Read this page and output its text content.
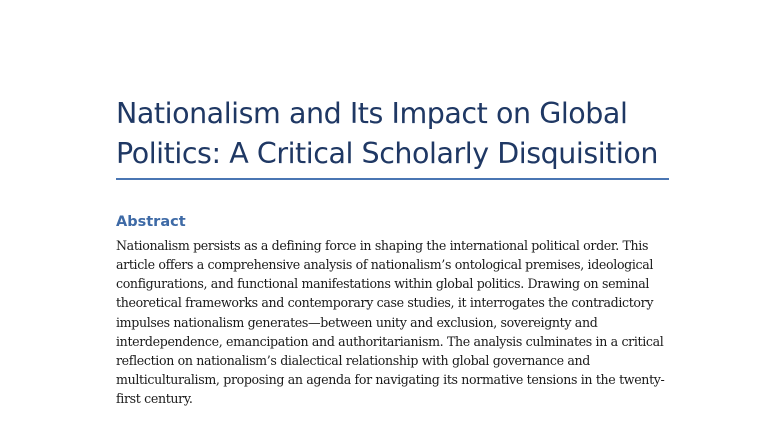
Nationalism and Its Impact on Global
Politics: A Critical Scholarly Disquisition
Abstract
Nationalism persists as a defining force in shaping the international political order. This
article offers a comprehensive analysis of nationalism’s ontological premises, ideological
configurations, and functional manifestations within global politics. Drawing on seminal
theoretical frameworks and contemporary case studies, it interrogates the contradictory
impulses nationalism generates—between unity and exclusion, sovereignty and
interdependence, emancipation and authoritarianism. The analysis culminates in a critical
reflection on nationalism’s dialectical relationship with global governance and
multiculturalism, proposing an agenda for navigating its normative tensions in the twenty-
first century.
